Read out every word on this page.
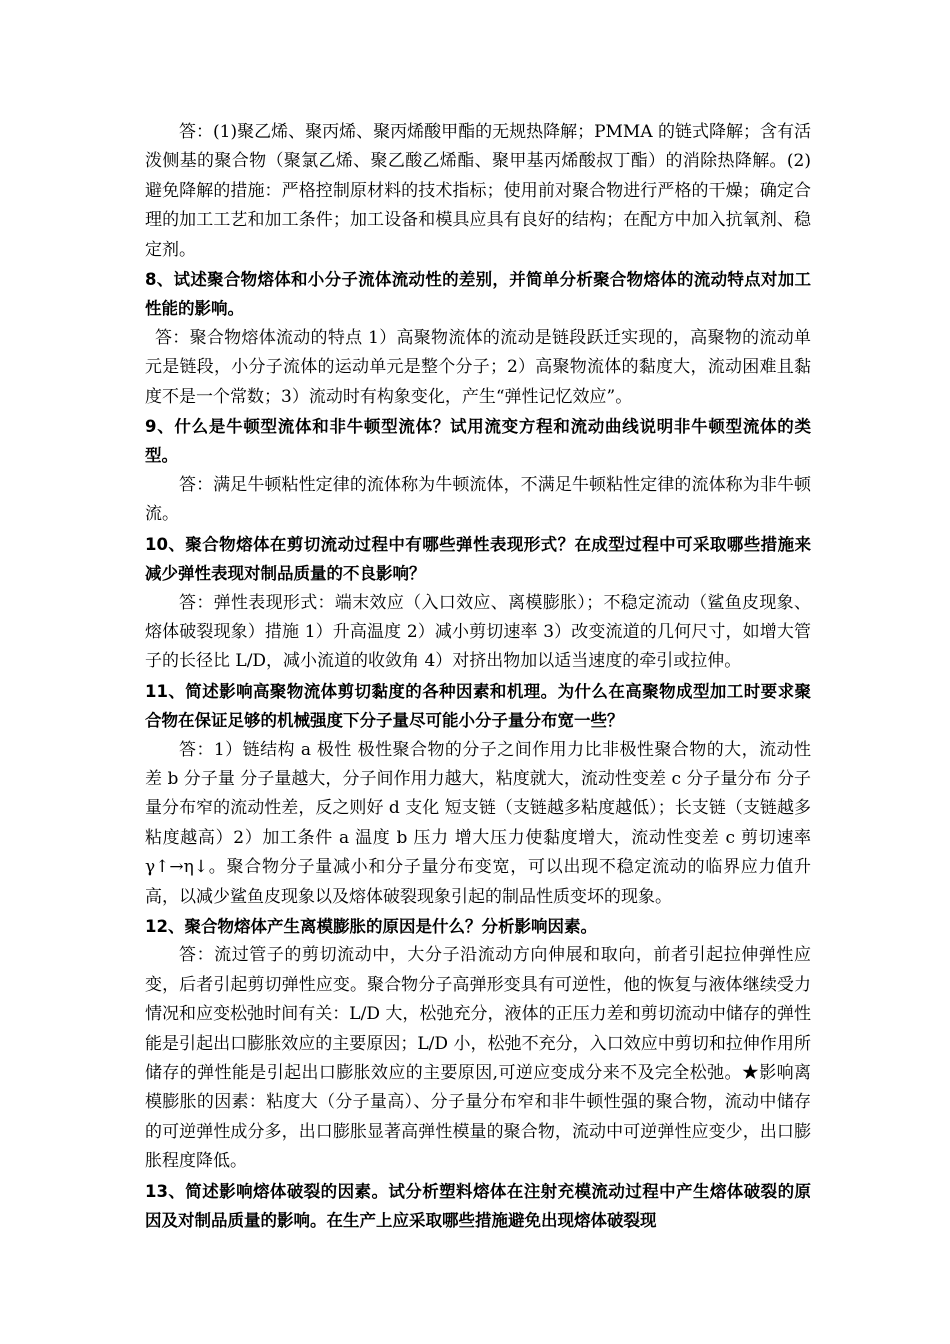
答：(1)聚乙烯、聚丙烯、聚丙烯酸甲酯的无规热降解；PMMA 的链式降解；含有活泼侧基的聚合物（聚氯乙烯、聚乙酸乙烯酯、聚甲基丙烯酸叔丁酯）的消除热降解。(2)避免降解的措施：严格控制原材料的技术指标；使用前对聚合物进行严格的干燥；确定合理的加工工艺和加工条件；加工设备和模具应具有良好的结构；在配方中加入抗氧剂、稳定剂。

8、试述聚合物熔体和小分子流体流动性的差别，并简单分析聚合物熔体的流动特点对加工性能的影响。

答：聚合物熔体流动的特点 1）高聚物流体的流动是链段跃迁实现的，高聚物的流动单元是链段，小分子流体的运动单元是整个分子；2）高聚物流体的黏度大，流动困难且黏度不是一个常数；3）流动时有构象变化，产生“弹性记忆效应”。

9、什么是牛顿型流体和非牛顿型流体？试用流变方程和流动曲线说明非牛顿型流体的类型。

答：满足牛顿粘性定律的流体称为牛顿流体，不满足牛顿粘性定律的流体称为非牛顿流。

10、聚合物熔体在剪切流动过程中有哪些弹性表现形式？在成型过程中可采取哪些措施来减少弹性表现对制品质量的不良影响？

答：弹性表现形式：端末效应（入口效应、离模膨胀）；不稳定流动（鲨鱼皮现象、熔体破裂现象）措施 1）升高温度 2）减小剪切速率 3）改变流道的几何尺寸，如增大管子的长径比 L/D，减小流道的收敛角 4）对挤出物加以适当速度的牵引或拉伸。

11、简述影响高聚物流体剪切黏度的各种因素和机理。为什么在高聚物成型加工时要求聚合物在保证足够的机械强度下分子量尽可能小分子量分布宽一些？

答：1）链结构 a 极性 极性聚合物的分子之间作用力比非极性聚合物的大，流动性差 b 分子量 分子量越大，分子间作用力越大，粘度就大，流动性变差 c 分子量分布 分子量分布窄的流动性差，反之则好 d 支化 短支链（支链越多粘度越低）；长支链（支链越多粘度越高）2）加工条件 a 温度 b 压力 增大压力使黏度增大，流动性变差 c 剪切速率 γ↑→η↓。聚合物分子量减小和分子量分布变宽，可以出现不稳定流动的临界应力值升高，以减少鲨鱼皮现象以及熔体破裂现象引起的制品性质变坏的现象。

12、聚合物熔体产生离模膨胀的原因是什么？分析影响因素。

答：流过管子的剪切流动中，大分子沿流动方向伸展和取向，前者引起拉伸弹性应变，后者引起剪切弹性应变。聚合物分子高弹形变具有可逆性，他的恢复与液体继续受力情况和应变松弛时间有关：L/D 大，松弛充分，液体的正压力差和剪切流动中储存的弹性能是引起出口膨胀效应的主要原因；L/D 小，松弛不充分，入口效应中剪切和拉伸作用所储存的弹性能是引起出口膨胀效应的主要原因,可逆应变成分来不及完全松弛。★影响离模膨胀的因素：粘度大（分子量高）、分子量分布窄和非牛顿性强的聚合物，流动中储存的可逆弹性成分多，出口膨胀显著高弹性模量的聚合物，流动中可逆弹性应变少，出口膨胀程度降低。

13、简述影响熔体破裂的因素。试分析塑料熔体在注射充模流动过程中产生熔体破裂的原因及对制品质量的影响。在生产上应采取哪些措施避免出现熔体破裂现
